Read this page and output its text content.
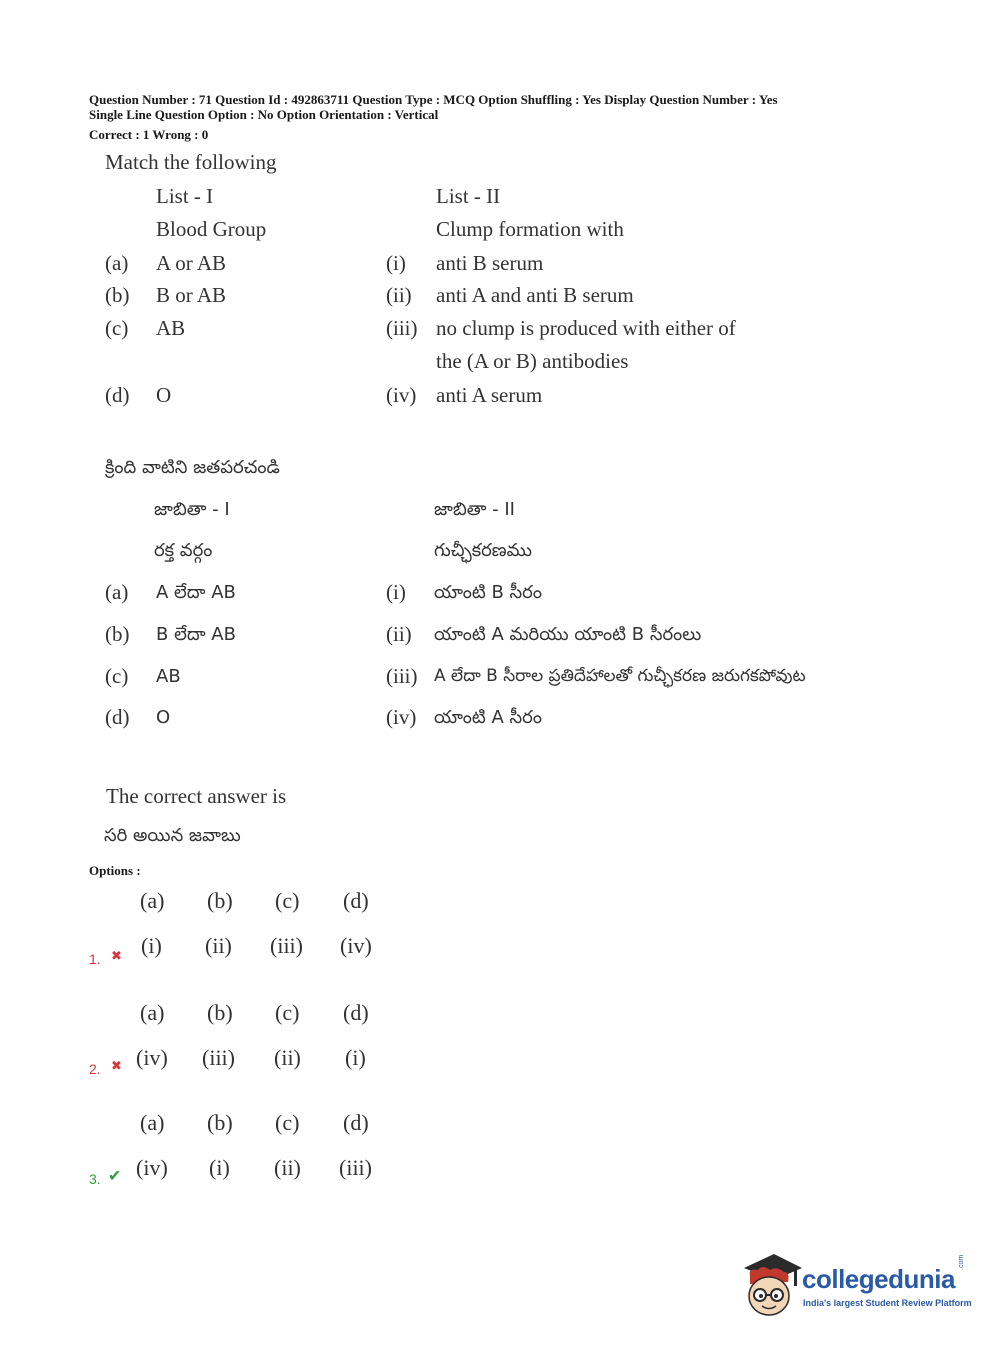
Question Number : 71 Question Id : 492863711 Question Type : MCQ Option Shuffling : Yes Display Question Number : Yes
Single Line Question Option : No Option Orientation : Vertical
Correct : 1 Wrong : 0
Match the following
List - I	List - II
Blood Group	Clump formation with
(a) A or AB	(i) anti B serum
(b) B or AB	(ii) anti A and anti B serum
(c) AB	(iii) no clump is produced with either of
the (A or B) antibodies
(d) O	(iv) anti A serum
క్రింది వాటిని జతపరచండి
జాబితా - I	జాబితా - II
రక్త వర్గం	గుచ్ఛీకరణము
(a) A లేదా AB	(i) యాంటి B సీరం
(b) B లేదా AB	(ii) యాంటి A మరియు యాంటి B సీరంలు
(c) AB	(iii) A లేదా B సీరాల ప్రతిదేహాలతో గుచ్ఛీకరణ జరుగకపోవుట
(d) O	(iv) యాంటి A సీరం
The correct answer is
సరి అయిన జవాబు
Options :
(a) (b) (c) (d)
1. ✖ (i) (ii) (iii) (iv)
(a) (b) (c) (d)
2. ✖ (iv) (iii) (ii) (i)
(a) (b) (c) (d)
3. ✔ (iv) (i) (ii) (iii)
collegedunia
.com
India's largest Student Review Platform
